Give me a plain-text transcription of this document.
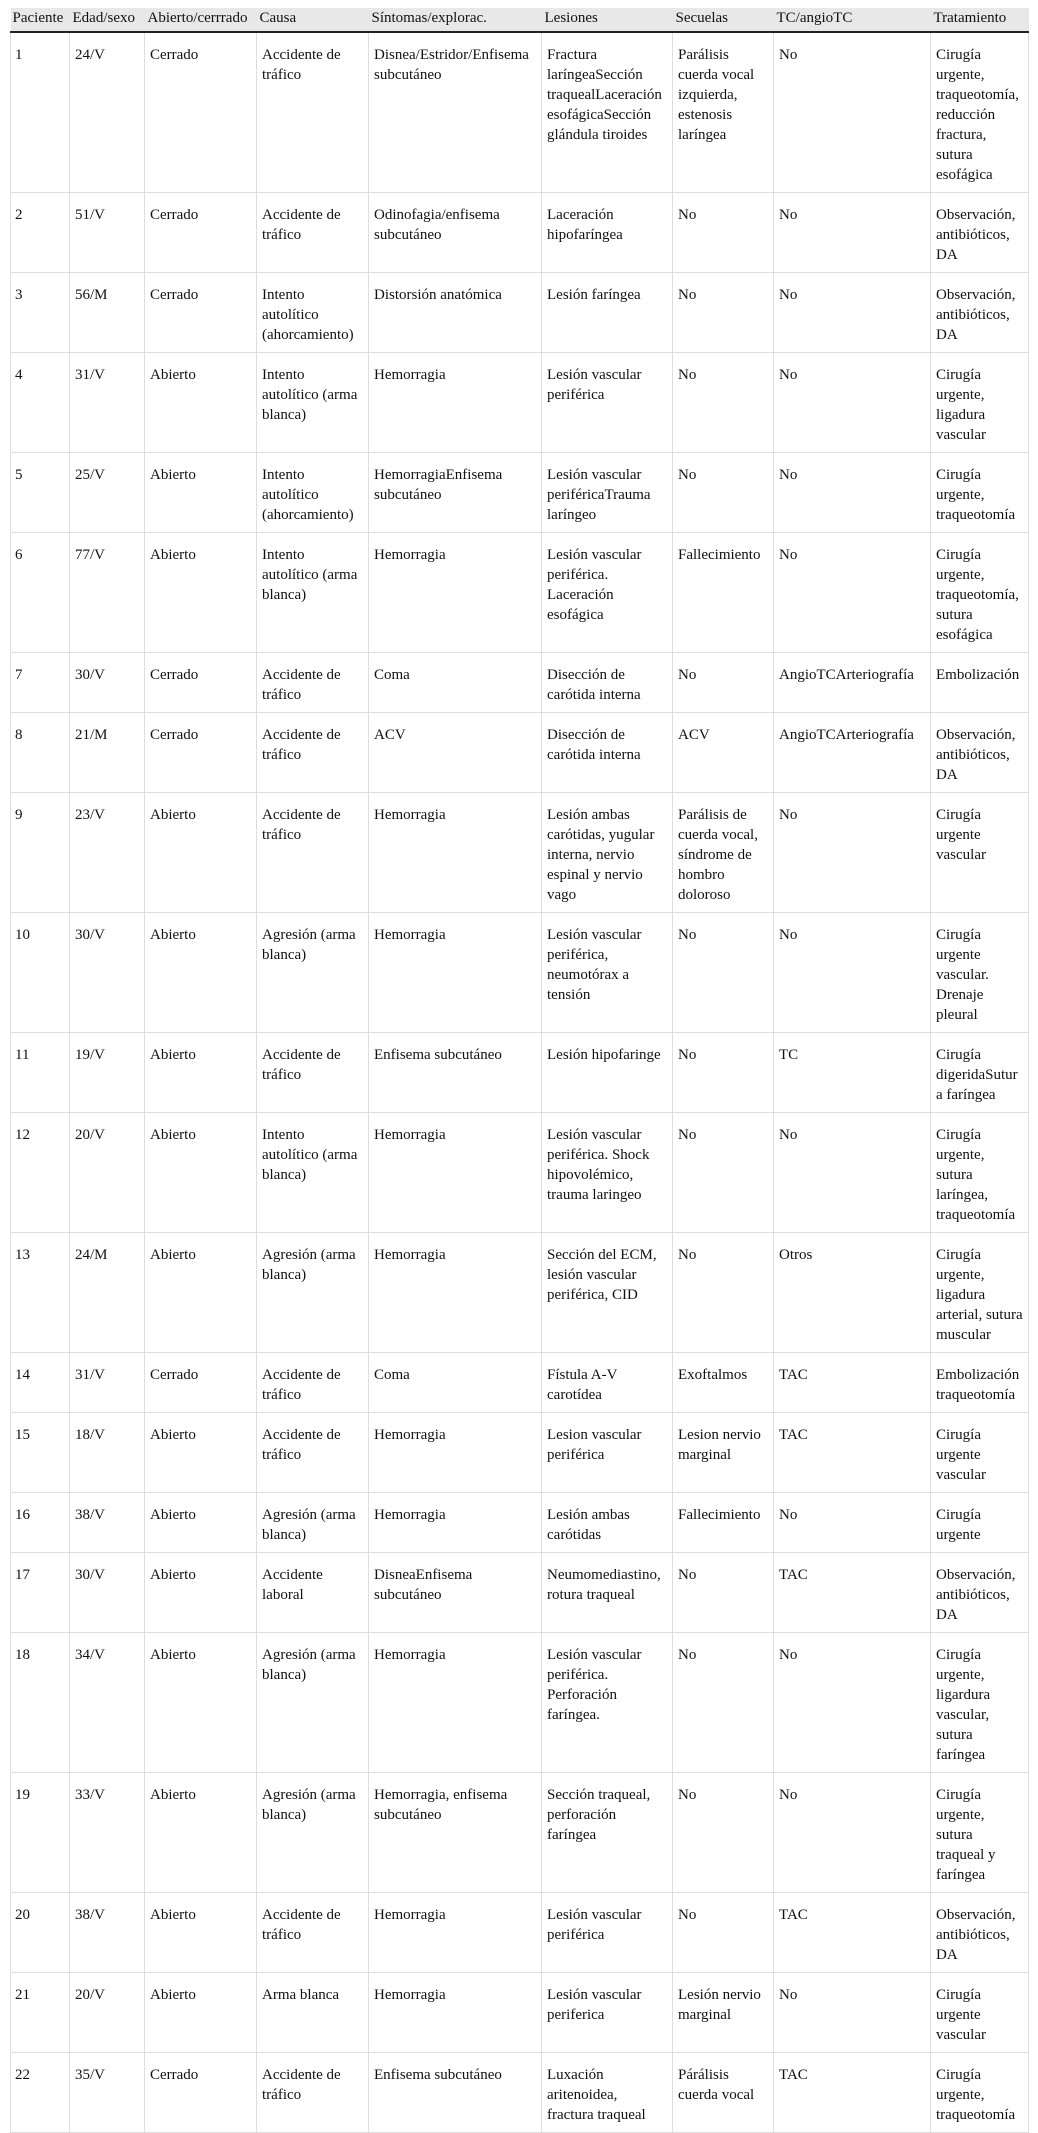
Paciente	Edad/sexo	Abierto/cerrrado	Causa	Síntomas/explorac.	Lesiones	Secuelas	TC/angioTC	Tratamiento
1	24/V	Cerrado	Accidente de tráfico	Disnea/Estridor/Enfisema subcutáneo	Fractura laríngeaSección traquealLaceración esofágicaSección glándula tiroides	Parálisis cuerda vocal izquierda, estenosis laríngea	No	Cirugía urgente, traqueotomía, reducción fractura, sutura esofágica
2	51/V	Cerrado	Accidente de tráfico	Odinofagia/enfisema subcutáneo	Laceración hipofaríngea	No	No	Observación, antibióticos, DA
3	56/M	Cerrado	Intento autolítico (ahorcamiento)	Distorsión anatómica	Lesión faríngea	No	No	Observación, antibióticos, DA
4	31/V	Abierto	Intento autolítico (arma blanca)	Hemorragia	Lesión vascular periférica	No	No	Cirugía urgente, ligadura vascular
5	25/V	Abierto	Intento autolítico (ahorcamiento)	HemorragiaEnfisema subcutáneo	Lesión vascular periféricaTrauma laríngeo	No	No	Cirugía urgente, traqueotomía
6	77/V	Abierto	Intento autolítico (arma blanca)	Hemorragia	Lesión vascular periférica. Laceración esofágica	Fallecimiento	No	Cirugía urgente, traqueotomía, sutura esofágica
7	30/V	Cerrado	Accidente de tráfico	Coma	Disección de carótida interna	No	AngioTCArteriografía	Embolización
8	21/M	Cerrado	Accidente de tráfico	ACV	Disección de carótida interna	ACV	AngioTCArteriografía	Observación, antibióticos, DA
9	23/V	Abierto	Accidente de tráfico	Hemorragia	Lesión ambas carótidas, yugular interna, nervio espinal y nervio vago	Parálisis de cuerda vocal, síndrome de hombro doloroso	No	Cirugía urgente vascular
10	30/V	Abierto	Agresión (arma blanca)	Hemorragia	Lesión vascular periférica, neumotórax a tensión	No	No	Cirugía urgente vascular. Drenaje pleural
11	19/V	Abierto	Accidente de tráfico	Enfisema subcutáneo	Lesión hipofaringe	No	TC	Cirugía digeridaSutura faríngea
12	20/V	Abierto	Intento autolítico (arma blanca)	Hemorragia	Lesión vascular periférica. Shock hipovolémico, trauma laringeo	No	No	Cirugía urgente, sutura laríngea, traqueotomía
13	24/M	Abierto	Agresión (arma blanca)	Hemorragia	Sección del ECM, lesión vascular periférica, CID	No	Otros	Cirugía urgente, ligadura arterial, sutura muscular
14	31/V	Cerrado	Accidente de tráfico	Coma	Fístula A-V carotídea	Exoftalmos	TAC	Embolización traqueotomía
15	18/V	Abierto	Accidente de tráfico	Hemorragia	Lesion vascular periférica	Lesion nervio marginal	TAC	Cirugía urgente vascular
16	38/V	Abierto	Agresión (arma blanca)	Hemorragia	Lesión ambas carótidas	Fallecimiento	No	Cirugía urgente
17	30/V	Abierto	Accidente laboral	DisneaEnfisema subcutáneo	Neumomediastino, rotura traqueal	No	TAC	Observación, antibióticos, DA
18	34/V	Abierto	Agresión (arma blanca)	Hemorragia	Lesión vascular periférica. Perforación faríngea.	No	No	Cirugía urgente, ligardura vascular, sutura faríngea
19	33/V	Abierto	Agresión (arma blanca)	Hemorragia, enfisema subcutáneo	Sección traqueal, perforación faríngea	No	No	Cirugía urgente, sutura traqueal y faríngea
20	38/V	Abierto	Accidente de tráfico	Hemorragia	Lesión vascular periférica	No	TAC	Observación, antibióticos, DA
21	20/V	Abierto	Arma blanca	Hemorragia	Lesión vascular periferica	Lesión nervio marginal	No	Cirugía urgente vascular
22	35/V	Cerrado	Accidente de tráfico	Enfisema subcutáneo	Luxación aritenoidea, fractura traqueal	Párálisis cuerda vocal	TAC	Cirugía urgente, traqueotomía
